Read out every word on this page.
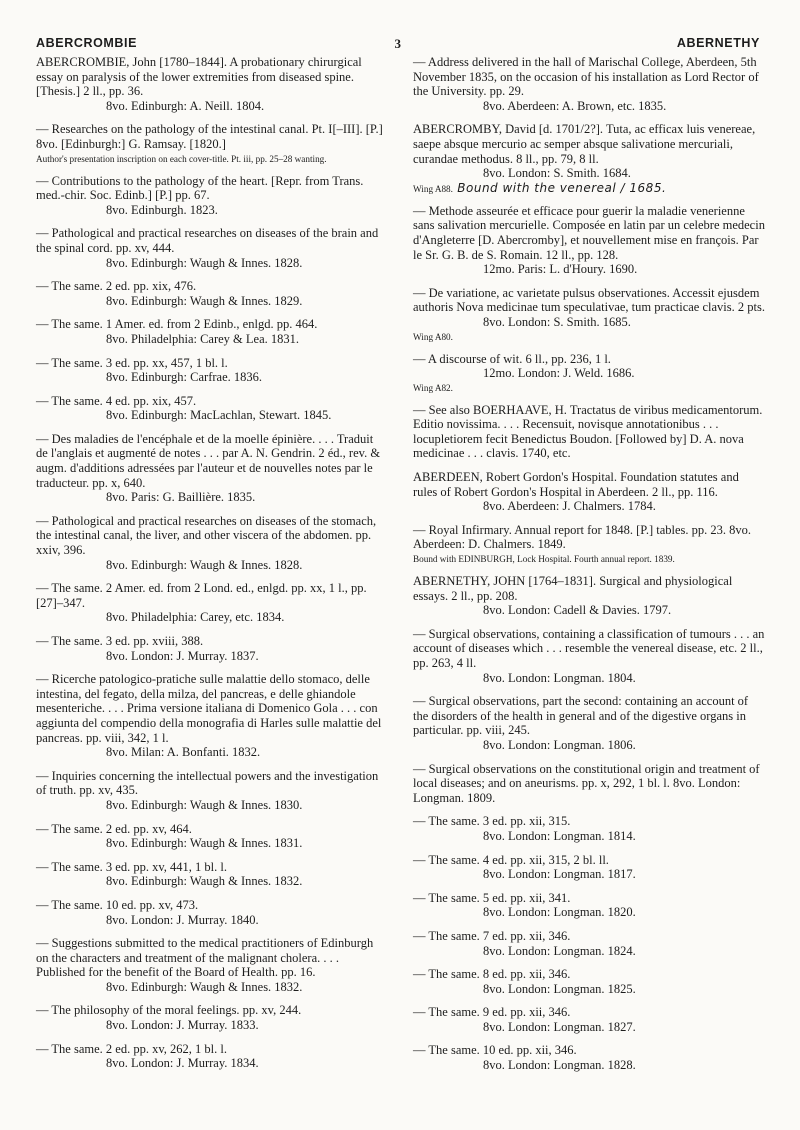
ABERCROMBIE	3	ABERNETHY
ABERCROMBIE, John [1780–1844]. A probationary chirurgical essay on paralysis of the lower extremities from diseased spine. [Thesis.] 2 ll., pp. 36.
8vo. Edinburgh: A. Neill. 1804.
— Researches on the pathology of the intestinal canal. Pt. I[–III]. [P.] 8vo. [Edinburgh:] G. Ramsay. [1820.]
Author's presentation inscription on each cover-title. Pt. iii, pp. 25–28 wanting.
— Contributions to the pathology of the heart. [Repr. from Trans. med.-chir. Soc. Edinb.] [P.] pp. 67.
8vo. Edinburgh. 1823.
— Pathological and practical researches on diseases of the brain and the spinal cord. pp. xv, 444.
8vo. Edinburgh: Waugh & Innes. 1828.
— The same. 2 ed. pp. xix, 476.
8vo. Edinburgh: Waugh & Innes. 1829.
— The same. 1 Amer. ed. from 2 Edinb., enlgd. pp. 464.
8vo. Philadelphia: Carey & Lea. 1831.
— The same. 3 ed. pp. xx, 457, 1 bl. l.
8vo. Edinburgh: Carfrae. 1836.
— The same. 4 ed. pp. xix, 457.
8vo. Edinburgh: MacLachlan, Stewart. 1845.
— Des maladies de l'encéphale et de la moelle épinière. . . . Traduit de l'anglais et augmenté de notes . . . par A. N. Gendrin. 2 éd., rev. & augm. d'additions adressées par l'auteur et de nouvelles notes par le traducteur. pp. x, 640.
8vo. Paris: G. Baillière. 1835.
— Pathological and practical researches on diseases of the stomach, the intestinal canal, the liver, and other viscera of the abdomen. pp. xxiv, 396.
8vo. Edinburgh: Waugh & Innes. 1828.
— The same. 2 Amer. ed. from 2 Lond. ed., enlgd. pp. xx, 1 l., pp. [27]–347.
8vo. Philadelphia: Carey, etc. 1834.
— The same. 3 ed. pp. xviii, 388.
8vo. London: J. Murray. 1837.
— Ricerche patologico-pratiche sulle malattie dello stomaco, delle intestina, del fegato, della milza, del pancreas, e delle ghiandole mesenteriche. . . . Prima versione italiana di Domenico Gola . . . con aggiunta del compendio della monografia di Harles sulle malattie del pancreas. pp. viii, 342, 1 l.
8vo. Milan: A. Bonfanti. 1832.
— Inquiries concerning the intellectual powers and the investigation of truth. pp. xv, 435.
8vo. Edinburgh: Waugh & Innes. 1830.
— The same. 2 ed. pp. xv, 464.
8vo. Edinburgh: Waugh & Innes. 1831.
— The same. 3 ed. pp. xv, 441, 1 bl. l.
8vo. Edinburgh: Waugh & Innes. 1832.
— The same. 10 ed. pp. xv, 473.
8vo. London: J. Murray. 1840.
— Suggestions submitted to the medical practitioners of Edinburgh on the characters and treatment of the malignant cholera. . . . Published for the benefit of the Board of Health. pp. 16.
8vo. Edinburgh: Waugh & Innes. 1832.
— The philosophy of the moral feelings. pp. xv, 244.
8vo. London: J. Murray. 1833.
— The same. 2 ed. pp. xv, 262, 1 bl. l.
8vo. London: J. Murray. 1834.
— Address delivered in the hall of Marischal College, Aberdeen, 5th November 1835, on the occasion of his installation as Lord Rector of the University. pp. 29.
8vo. Aberdeen: A. Brown, etc. 1835.
ABERCROMBY, David [d. 1701/2?]. Tuta, ac efficax luis venereae, saepe absque mercurio ac semper absque salivatione mercuriali, curandae methodus. 8 ll., pp. 79, 8 ll.
8vo. London: S. Smith. 1684.
Wing A88. Bound with the venereal / 1685.
— Methode asseurée et efficace pour guerir la maladie venerienne sans salivation mercurielle. Composée en latin par un celebre medecin d'Angleterre [D. Abercromby], et nouvellement mise en françois. Par le Sr. G. B. de S. Romain. 12 ll., pp. 128.
12mo. Paris: L. d'Houry. 1690.
— De variatione, ac varietate pulsus observationes. Accessit ejusdem authoris Nova medicinae tum speculativae, tum practicae clavis. 2 pts.
8vo. London: S. Smith. 1685.
Wing A80.
— A discourse of wit. 6 ll., pp. 236, 1 l.
12mo. London: J. Weld. 1686.
Wing A82.
— See also BOERHAAVE, H. Tractatus de viribus medicamentorum. Editio novissima. . . . Recensuit, novisque annotationibus . . . locupletiorem fecit Benedictus Boudon. [Followed by] D. A. nova medicinae . . . clavis. 1740, etc.
ABERDEEN, Robert Gordon's Hospital. Foundation statutes and rules of Robert Gordon's Hospital in Aberdeen. 2 ll., pp. 116.
8vo. Aberdeen: J. Chalmers. 1784.
— Royal Infirmary. Annual report for 1848. [P.] tables. pp. 23. 8vo. Aberdeen: D. Chalmers. 1849.
Bound with EDINBURGH, Lock Hospital. Fourth annual report. 1839.
ABERNETHY, JOHN [1764–1831]. Surgical and physiological essays. 2 ll., pp. 208.
8vo. London: Cadell & Davies. 1797.
— Surgical observations, containing a classification of tumours . . . an account of diseases which . . . resemble the venereal disease, etc. 2 ll., pp. 263, 4 ll.
8vo. London: Longman. 1804.
— Surgical observations, part the second: containing an account of the disorders of the health in general and of the digestive organs in particular. pp. viii, 245.
8vo. London: Longman. 1806.
— Surgical observations on the constitutional origin and treatment of local diseases; and on aneurisms. pp. x, 292, 1 bl. l. 8vo. London: Longman. 1809.
— The same. 3 ed. pp. xii, 315.
8vo. London: Longman. 1814.
— The same. 4 ed. pp. xii, 315, 2 bl. ll.
8vo. London: Longman. 1817.
— The same. 5 ed. pp. xii, 341.
8vo. London: Longman. 1820.
— The same. 7 ed. pp. xii, 346.
8vo. London: Longman. 1824.
— The same. 8 ed. pp. xii, 346.
8vo. London: Longman. 1825.
— The same. 9 ed. pp. xii, 346.
8vo. London: Longman. 1827.
— The same. 10 ed. pp. xii, 346.
8vo. London: Longman. 1828.
